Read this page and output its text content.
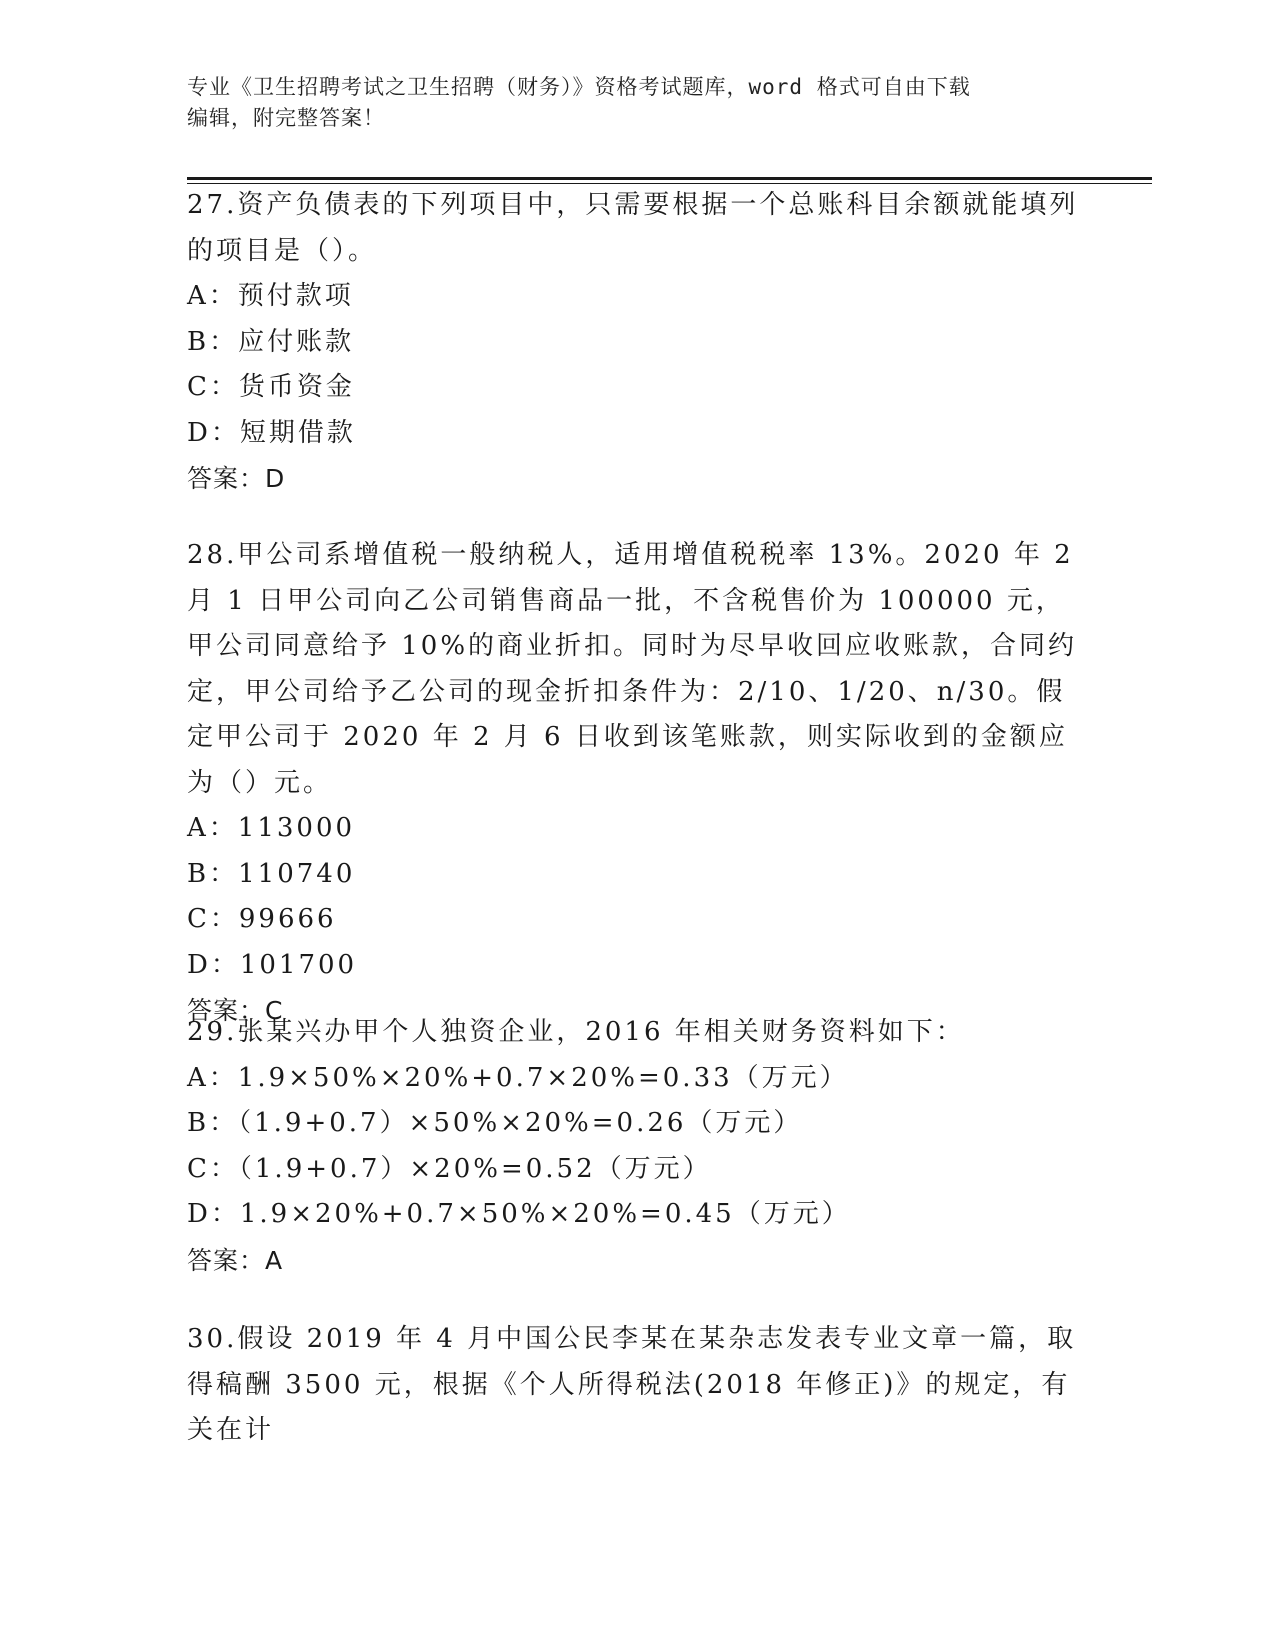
专业《卫生招聘考试之卫生招聘（财务）》资格考试题库，word 格式可自由下载
编辑，附完整答案！

27.资产负债表的下列项目中，只需要根据一个总账科目余额就能填列的项目是（）。

A：预付款项

B：应付账款

C：货币资金

D：短期借款

答案：D

28.甲公司系增值税一般纳税人，适用增值税税率 13%。2020 年 2 月 1 日甲公司向乙公司销售商品一批，不含税售价为 100000 元，甲公司同意给予 10%的商业折扣。同时为尽早收回应收账款，合同约定，甲公司给予乙公司的现金折扣条件为：2/10、1/20、n/30。假定甲公司于 2020 年 2 月 6 日收到该笔账款，则实际收到的金额应为（）元。

A：113000

B：110740

C：99666

D：101700

答案：C

29.张某兴办甲个人独资企业，2016 年相关财务资料如下：

A：1.9×50%×20%+0.7×20%=0.33（万元）

B：（1.9+0.7）×50%×20%=0.26（万元）

C：（1.9+0.7）×20%=0.52（万元）

D：1.9×20%+0.7×50%×20%=0.45（万元）

答案：A

30.假设 2019 年 4 月中国公民李某在某杂志发表专业文章一篇，取得稿酬 3500 元，根据《个人所得税法(2018 年修正)》的规定，有关在计
